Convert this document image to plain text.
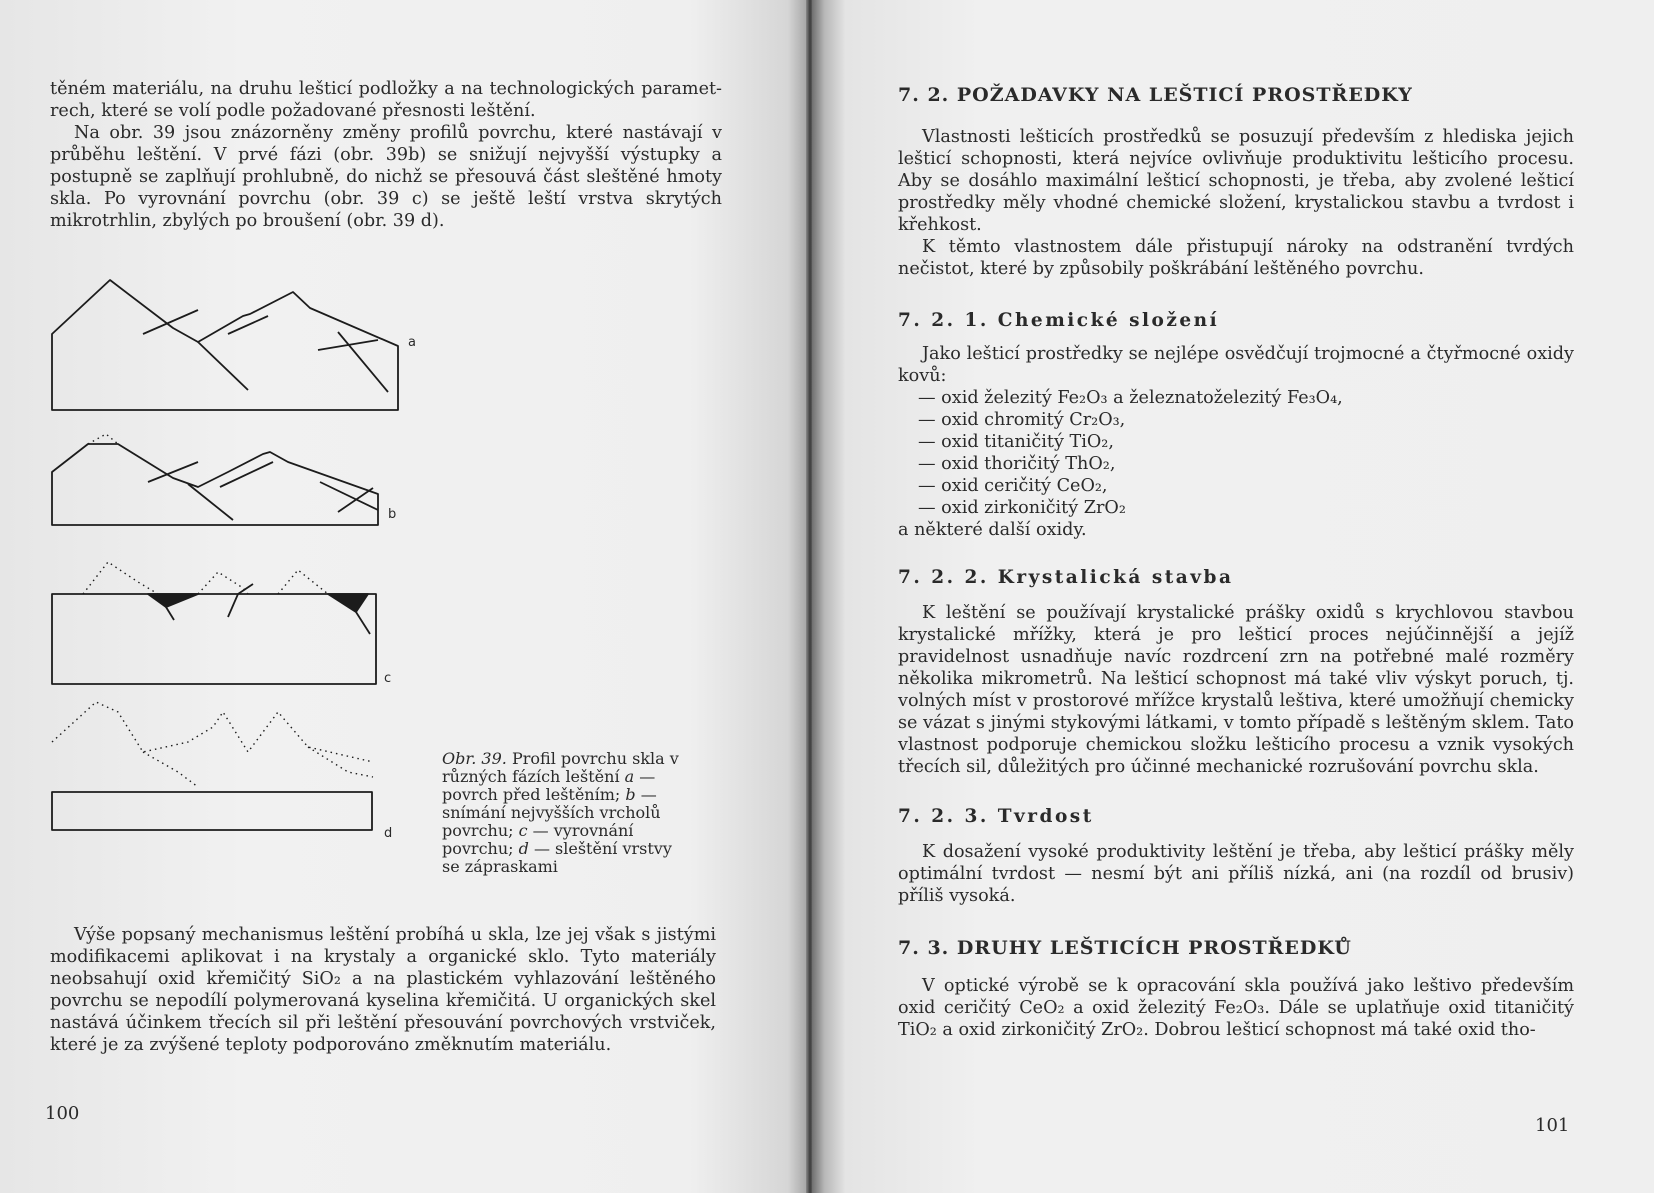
těném materiálu, na druhu lešticí podložky a na technologických paramet-rech, které se volí podle požadované přesnosti leštění.

Na obr. 39 jsou znázorněny změny profilů povrchu, které nastávají v průběhu leštění. V prvé fázi (obr. 39b) se snižují nejvyšší výstupky a postupně se zaplňují prohlubně, do nichž se přesouvá část sleštěné hmoty skla. Po vyrovnání povrchu (obr. 39 c) se ještě leští vrstva skrytých mikrotrhlin, zbylých po broušení (obr. 39 d).

a
b
c
d
Obr. 39. Profil povrchu skla v různých fázích leštění a — povrch před leštěním; b — snímání nejvyšších vrcholů povrchu; c — vyrovnání povrchu; d — sleštění vrstvy se zápraskami

Výše popsaný mechanismus leštění probíhá u skla, lze jej však s jistými modifikacemi aplikovat i na krystaly a organické sklo. Tyto materiály neobsahují oxid křemičitý SiO₂ a na plastickém vyhlazování leštěného povrchu se nepodílí polymerovaná kyselina křemičitá. U organických skel nastává účinkem třecích sil při leštění přesouvání povrchových vrstviček, které je za zvýšené teploty podporováno změknutím materiálu.

100
7. 2. POŽADAVKY NA LEŠTICÍ PROSTŘEDKY

Vlastnosti lešticích prostředků se posuzují především z hlediska jejich lešticí schopnosti, která nejvíce ovlivňuje produktivitu lešticího procesu. Aby se dosáhlo maximální lešticí schopnosti, je třeba, aby zvolené lešticí prostředky měly vhodné chemické složení, krystalickou stavbu a tvrdost i křehkost.

K těmto vlastnostem dále přistupují nároky na odstranění tvrdých nečistot, které by způsobily poškrábání leštěného povrchu.

7. 2. 1. Chemické složení

Jako lešticí prostředky se nejlépe osvědčují trojmocné a čtyřmocné oxidy kovů:

— oxid železitý Fe₂O₃ a železnatoželezitý Fe₃O₄,
— oxid chromitý Cr₂O₃,
— oxid titaničitý TiO₂,
— oxid thoričitý ThO₂,
— oxid ceričitý CeO₂,
— oxid zirkoničitý ZrO₂

a některé další oxidy.

7. 2. 2. Krystalická stavba

K leštění se používají krystalické prášky oxidů s krychlovou stavbou krystalické mřížky, která je pro lešticí proces nejúčinnější a jejíž pravidelnost usnadňuje navíc rozdrcení zrn na potřebné malé rozměry několika mikrometrů. Na lešticí schopnost má také vliv výskyt poruch, tj. volných míst v prostorové mřížce krystalů leštiva, které umožňují chemicky se vázat s jinými stykovými látkami, v tomto případě s leštěným sklem. Tato vlastnost podporuje chemickou složku lešticího procesu a vznik vysokých třecích sil, důležitých pro účinné mechanické rozrušování povrchu skla.

7. 2. 3. Tvrdost

K dosažení vysoké produktivity leštění je třeba, aby lešticí prášky měly optimální tvrdost — nesmí být ani příliš nízká, ani (na rozdíl od brusiv) příliš vysoká.

7. 3. DRUHY LEŠTICÍCH PROSTŘEDKŮ

V optické výrobě se k opracování skla používá jako leštivo především oxid ceričitý CeO₂ a oxid železitý Fe₂O₃. Dále se uplatňuje oxid titaničitý TiO₂ a oxid zirkoničitý ZrO₂. Dobrou lešticí schopnost má také oxid tho-

101
